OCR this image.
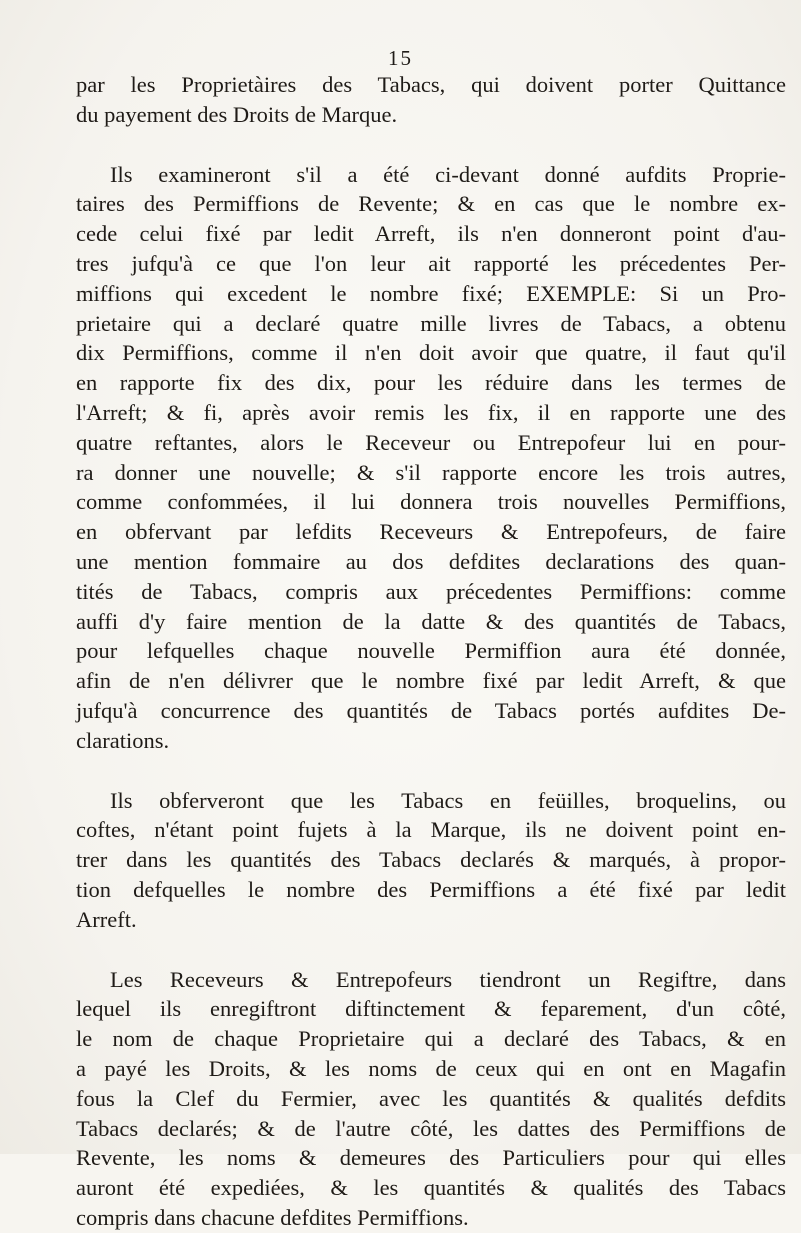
15
par les Proprietàires des Tabacs, qui doivent porter Quittance
du payement des Droits de Marque.
Ils examineront s'il a été ci-devant donné aufdits Proprie-
taires des Permiffions de Revente; & en cas que le nombre ex-
cede celui fixé par ledit Arreft, ils n'en donneront point d'au-
tres jufqu'à ce que l'on leur ait rapporté les précedentes Per-
miffions qui excedent le nombre fixé; EXEMPLE: Si un Pro-
prietaire qui a declaré quatre mille livres de Tabacs, a obtenu
dix Permiffions, comme il n'en doit avoir que quatre, il faut qu'il
en rapporte fix des dix, pour les réduire dans les termes de
l'Arreft; & fi, après avoir remis les fix, il en rapporte une des
quatre reftantes, alors le Receveur ou Entrepofeur lui en pour-
ra donner une nouvelle; & s'il rapporte encore les trois autres,
comme confommées, il lui donnera trois nouvelles Permiffions,
en obfervant par lefdits Receveurs & Entrepofeurs, de faire
une mention fommaire au dos defdites declarations des quan-
tités de Tabacs, compris aux précedentes Permiffions: comme
auffi d'y faire mention de la datte & des quantités de Tabacs,
pour lefquelles chaque nouvelle Permiffion aura été donnée,
afin de n'en délivrer que le nombre fixé par ledit Arreft, & que
jufqu'à concurrence des quantités de Tabacs portés aufdites De-
clarations.
Ils obferveront que les Tabacs en feüilles, broquelins, ou
coftes, n'étant point fujets à la Marque, ils ne doivent point en-
trer dans les quantités des Tabacs declarés & marqués, à propor-
tion defquelles le nombre des Permiffions a été fixé par ledit
Arreft.
Les Receveurs & Entrepofeurs tiendront un Regiftre, dans
lequel ils enregiftront diftinctement & feparement, d'un côté,
le nom de chaque Proprietaire qui a declaré des Tabacs, & en
a payé les Droits, & les noms de ceux qui en ont en Magafin
fous la Clef du Fermier, avec les quantités & qualités defdits
Tabacs declarés; & de l'autre côté, les dattes des Permiffions de
Revente, les noms & demeures des Particuliers pour qui elles
auront été expediées, & les quantités & qualités des Tabacs
compris dans chacune defdites Permiffions.
